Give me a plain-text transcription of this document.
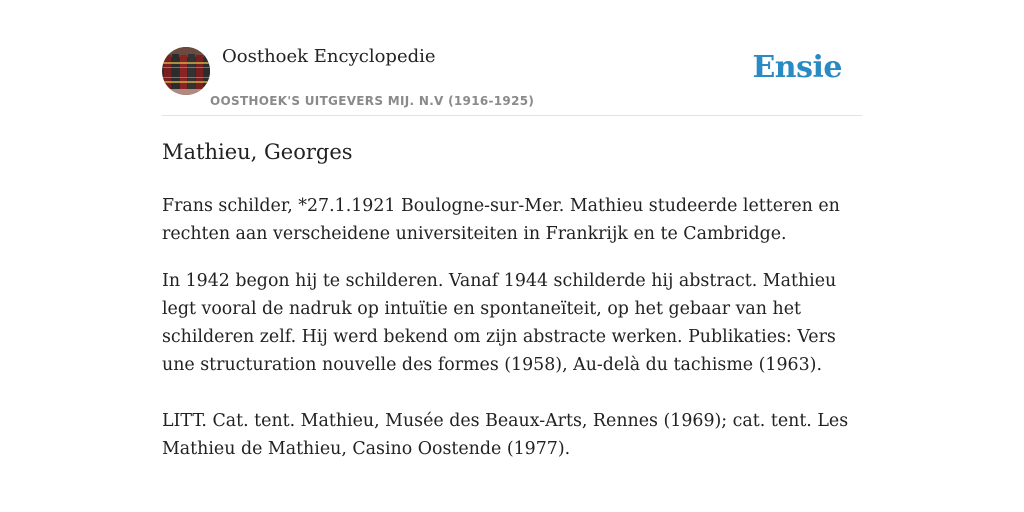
Oosthoek Encyclopedie
OOSTHOEK'S UITGEVERS MIJ. N.V (1916-1925)
Ensie
Mathieu, Georges

Frans schilder, *27.1.1921 Boulogne-sur-Mer. Mathieu studeerde letteren en rechten aan verscheidene universiteiten in Frankrijk en te Cambridge.

In 1942 begon hij te schilderen. Vanaf 1944 schilderde hij abstract. Mathieu legt vooral de nadruk op intuïtie en spontaneïteit, op het gebaar van het schilderen zelf. Hij werd bekend om zijn abstracte werken. Publikaties: Vers une structuration nouvelle des formes (1958), Au-delà du tachisme (1963).

LITT. Cat. tent. Mathieu, Musée des Beaux-Arts, Rennes (1969); cat. tent. Les Mathieu de Mathieu, Casino Oostende (1977).
